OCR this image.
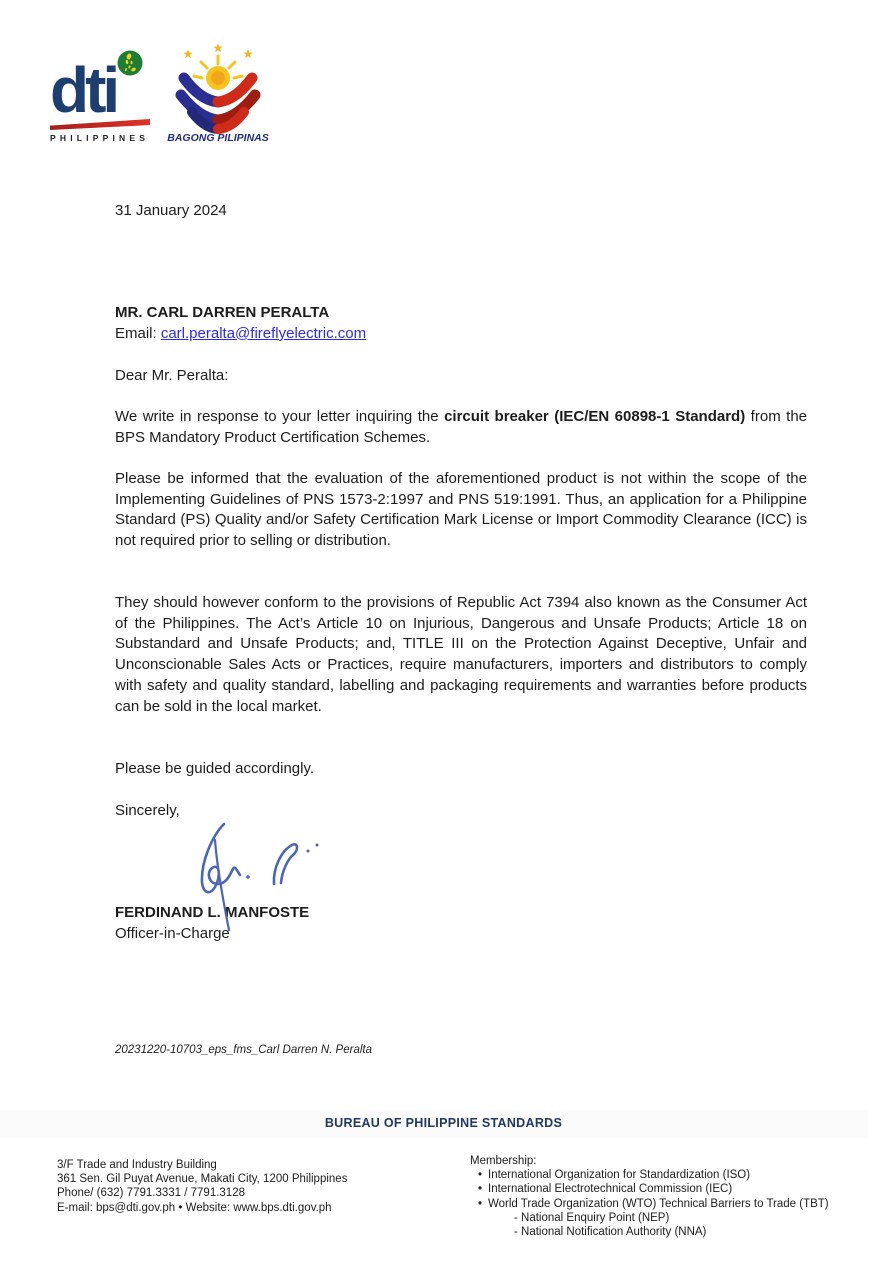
dti
PHILIPPINES	BAGONG PILIPINAS
31 January 2024
MR. CARL DARREN PERALTA
Email: carl.peralta@fireflyelectric.com
Dear Mr. Peralta:
We write in response to your letter inquiring the circuit breaker (IEC/EN 60898-1 Standard) from the BPS Mandatory Product Certification Schemes.
Please be informed that the evaluation of the aforementioned product is not within the scope of the Implementing Guidelines of PNS 1573-2:1997 and PNS 519:1991. Thus, an application for a Philippine Standard (PS) Quality and/or Safety Certification Mark License or Import Commodity Clearance (ICC) is not required prior to selling or distribution.
They should however conform to the provisions of Republic Act 7394 also known as the Consumer Act of the Philippines. The Act’s Article 10 on Injurious, Dangerous and Unsafe Products; Article 18 on Substandard and Unsafe Products; and, TITLE III on the Protection Against Deceptive, Unfair and Unconscionable Sales Acts or Practices, require manufacturers, importers and distributors to comply with safety and quality standard, labelling and packaging requirements and warranties before products can be sold in the local market.
Please be guided accordingly.
Sincerely,
FERDINAND L. MANFOSTE
Officer-in-Charge
20231220-10703_eps_fms_Carl Darren N. Peralta
BUREAU OF PHILIPPINE STANDARDS
3/F Trade and Industry Building
361 Sen. Gil Puyat Avenue, Makati City, 1200 Philippines
Phone/ (632) 7791.3331 / 7791.3128
E-mail: bps@dti.gov.ph • Website: www.bps.dti.gov.ph
Membership:
• International Organization for Standardization (ISO)
• International Electrotechnical Commission (IEC)
• World Trade Organization (WTO) Technical Barriers to Trade (TBT)
- National Enquiry Point (NEP)
- National Notification Authority (NNA)
